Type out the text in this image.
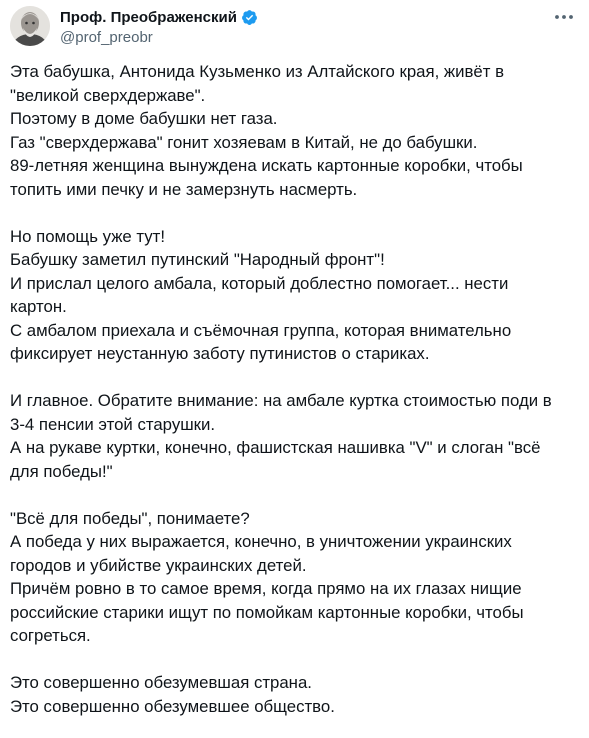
Проф. Преображенский
@prof_preobr

Эта бабушка, Антонида Кузьменко из Алтайского края, живёт в

"великой сверхдержаве".

Поэтому в доме бабушки нет газа.

Газ "сверхдержава" гонит хозяевам в Китай, не до бабушки.

89-летняя женщина вынуждена искать картонные коробки, чтобы

топить ими печку и не замерзнуть насмерть.

Но помощь уже тут!

Бабушку заметил путинский "Народный фронт"!

И прислал целого амбала, который доблестно помогает... нести

картон.

С амбалом приехала и съёмочная группа, которая внимательно

фиксирует неустанную заботу путинистов о стариках.

И главное. Обратите внимание: на амбале куртка стоимостью поди в

3-4 пенсии этой старушки.

А на рукаве куртки, конечно, фашистская нашивка "V" и слоган "всё

для победы!"

"Всё для победы", понимаете?

А победа у них выражается, конечно, в уничтожении украинских

городов и убийстве украинских детей.

Причём ровно в то самое время, когда прямо на их глазах нищие

российские старики ищут по помойкам картонные коробки, чтобы

согреться.

Это совершенно обезумевшая страна.

Это совершенно обезумевшее общество.
